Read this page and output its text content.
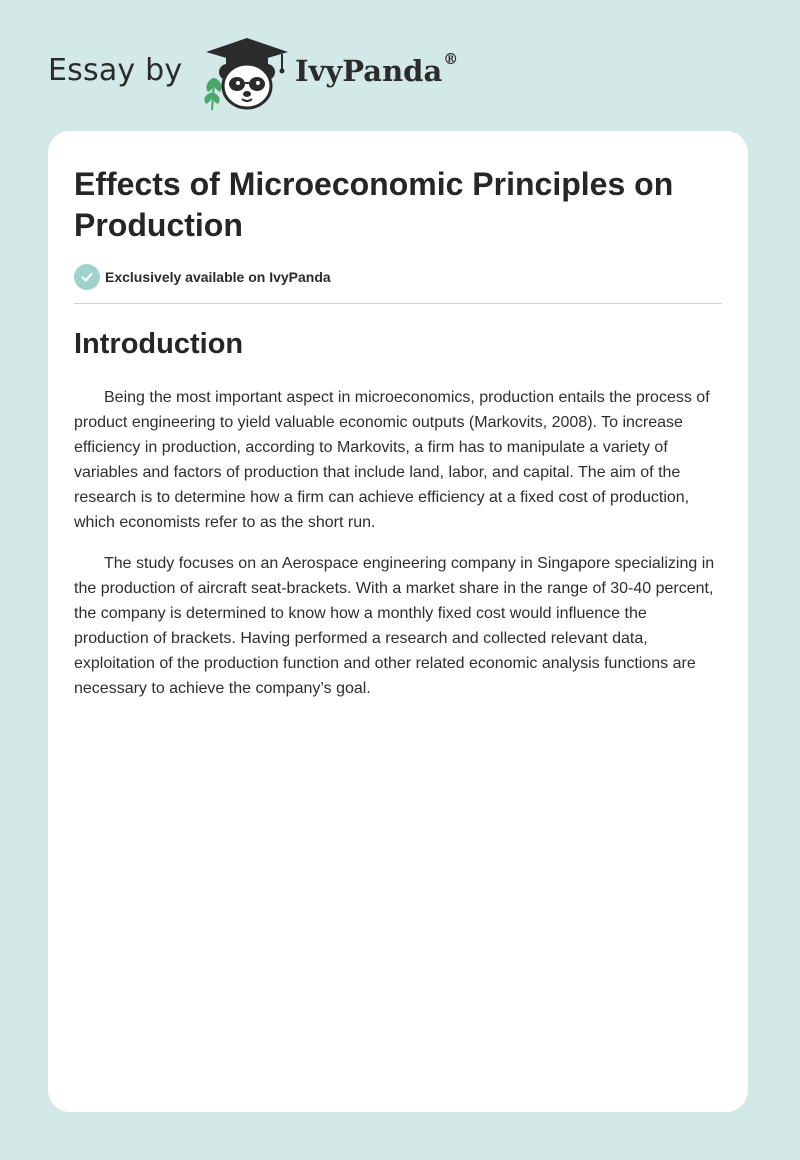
Essay by	IvyPanda®
Effects of Microeconomic Principles on Production
Exclusively available on IvyPanda
Introduction

Being the most important aspect in microeconomics, production entails the process of product engineering to yield valuable economic outputs (Markovits, 2008). To increase efficiency in production, according to Markovits, a firm has to manipulate a variety of variables and factors of production that include land, labor, and capital. The aim of the research is to determine how a firm can achieve efficiency at a fixed cost of production, which economists refer to as the short run.

The study focuses on an Aerospace engineering company in Singapore specializing in the production of aircraft seat-brackets. With a market share in the range of 30-40 percent, the company is determined to know how a monthly fixed cost would influence the production of brackets. Having performed a research and collected relevant data, exploitation of the production function and other related economic analysis functions are necessary to achieve the company’s goal.
